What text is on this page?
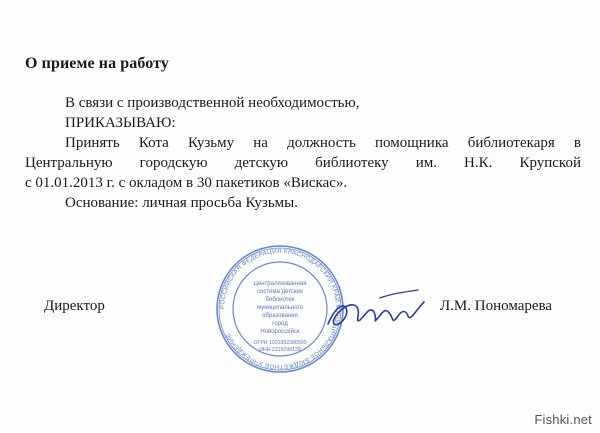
О приеме на работу
В связи с производственной необходимостью,
ПРИКАЗЫВАЮ:
Принять Кота Кузьму на должность помощника библиотекаря в
Центральную городскую детскую библиотеку им. Н.К. Крупской
с 01.01.2013 г. с окладом в 30 пакетиков «Вискас».
Основание: личная просьба Кузьмы.
РОССИЙСКАЯ ФЕДЕРАЦИЯ КРАСНОДАРСКИЙ КРАЙ МУНИЦИПАЛЬНОЕ БЮДЖЕТНОЕ УЧРЕЖДЕНИЕ
Централизованная
система детских
библиотек
муниципального
образования
город
Новороссийск
ОГРН 1022302386500
ИНН 2315098139
Директор	Л.М. Пономарева
Fishki.net
